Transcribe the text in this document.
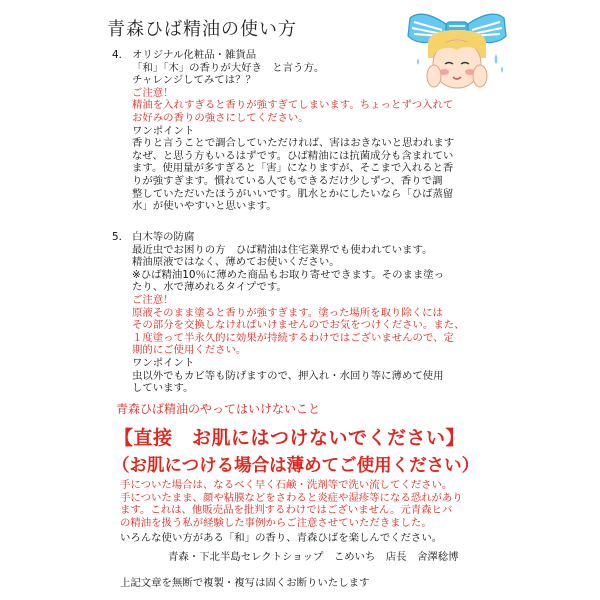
青森ひば精油の使い方
4. オリジナル化粧品・雑貨品
「和」「木」の香りが大好き　と言う方。
チャレンジしてみては？？
ご注意！
精油を入れすぎると香りが強すぎてしまいます。ちょっとずつ入れて
お好みの香りの強さにしてください。
ワンポイント
香りと言うことで調合していただければ、害はおきないと思われます
なぜ、と思う方もいるはずです。ひば精油には抗菌成分も含まれてい
ます。使用量が多すぎると「害」になりますが、そこまで入れると香
りが強すぎます。慣れている人でもできるだけ少しずつ、香りで調
整していただいたほうがいいです。肌水とかにしたいなら「ひば蒸留
水」が使いやすいと思います。
5. 白木等の防腐
最近虫でお困りの方　ひば精油は住宅業界でも使われています。
精油原液ではなく、薄めてお使いください。
※ひば精油10％に薄めた商品もお取り寄せできます。そのまま塗っ
たり、水で薄めれるタイプです。
ご注意！
原液そのまま塗ると香りが強すぎます。塗った場所を取り除くには
その部分を交換しなければいけませんのでお気をつけください。また、
１度塗って半永久的に効果が持続するわけではございませんので、定
期的にご使用ください。
ワンポイント
虫以外でもカビ等も防げますので、押入れ・水回り等に薄めて使用
しています。
青森ひば精油のやってはいけないこと
【直接　お肌にはつけないでください】
（お肌につける場合は薄めてご使用ください）
手についた場合は、なるべく早く石鹸・洗剤等で洗い流してください。
手についたまま、顔や粘膜などをさわると炎症や湿疹等になる恐れがあり
ます。これは、他販売品を批判するわけではございません。元青森ヒバ
の精油を扱う私が経験した事例からご注意させていただきました。
いろんな使い方がある「和」の香り、青森ひばを楽しんでください。
青森・下北半島セレクトショップ　こめいち　店長　舍澤稔博
上記文章を無断で複製・複写は固くお断りいたします
